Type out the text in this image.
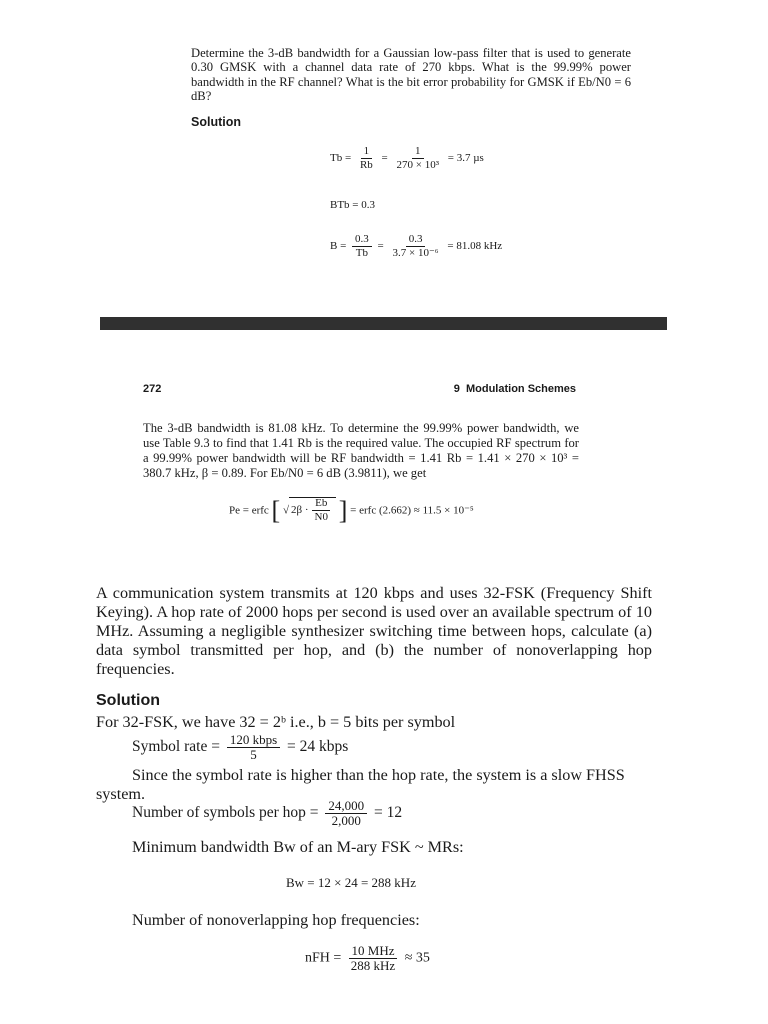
Determine the 3-dB bandwidth for a Gaussian low-pass filter that is used to generate 0.30 GMSK with a channel data rate of 270 kbps. What is the 99.99% power bandwidth in the RF channel? What is the bit error probability for GMSK if Eb/N0 = 6 dB?
Solution
$Tb = \frac{1}{Rb} = \frac{1}{\text{270 × 10³}} = 3.7$ µs
BTb = 0.3
$B = \frac{0.3}{Tb} = \frac{0.3}{\text{3.7 × 10⁻⁶}} = 81.08$ kHz
272	9  Modulation Schemes
The 3-dB bandwidth is 81.08 kHz. To determine the 99.99% power bandwidth, we use Table 9.3 to find that 1.41 Rb is the required value. The occupied RF spectrum for a 99.99% power bandwidth will be RF bandwidth = 1.41 Rb = 1.41 × 270 × 10³ = 380.7 kHz, β = 0.89. For Eb/N0 = 6 dB (3.9811), we get
Pe = erfc [ √ $2\beta \cdot \frac{Eb}{N0}$ ] = erfc (2.662) ≈ 11.5 × 10⁻⁵
A communication system transmits at 120 kbps and uses 32-FSK (Frequency Shift Keying). A hop rate of 2000 hops per second is used over an available spectrum of 10 MHz. Assuming a negligible synthesizer switching time between hops, calculate (a) data symbol transmitted per hop, and (b) the number of nonoverlapping hop frequencies.
Solution
For 32-FSK, we have 32 = 2ᵇ i.e., b = 5 bits per symbol
Symbol rate = $\frac{\text{120 kbps}}{5} = 24$ kbps
Since the symbol rate is higher than the hop rate, the system is a slow FHSS system.
Number of symbols per hop = $\frac{24,000}{2,000} = 12$
Minimum bandwidth Bw of an M-ary FSK ~ MRs:
Bw = 12 × 24 = 288 kHz
Number of nonoverlapping hop frequencies:
nFH = $\frac{\text{10 MHz}}{\text{288 kHz}} \approx 35$
